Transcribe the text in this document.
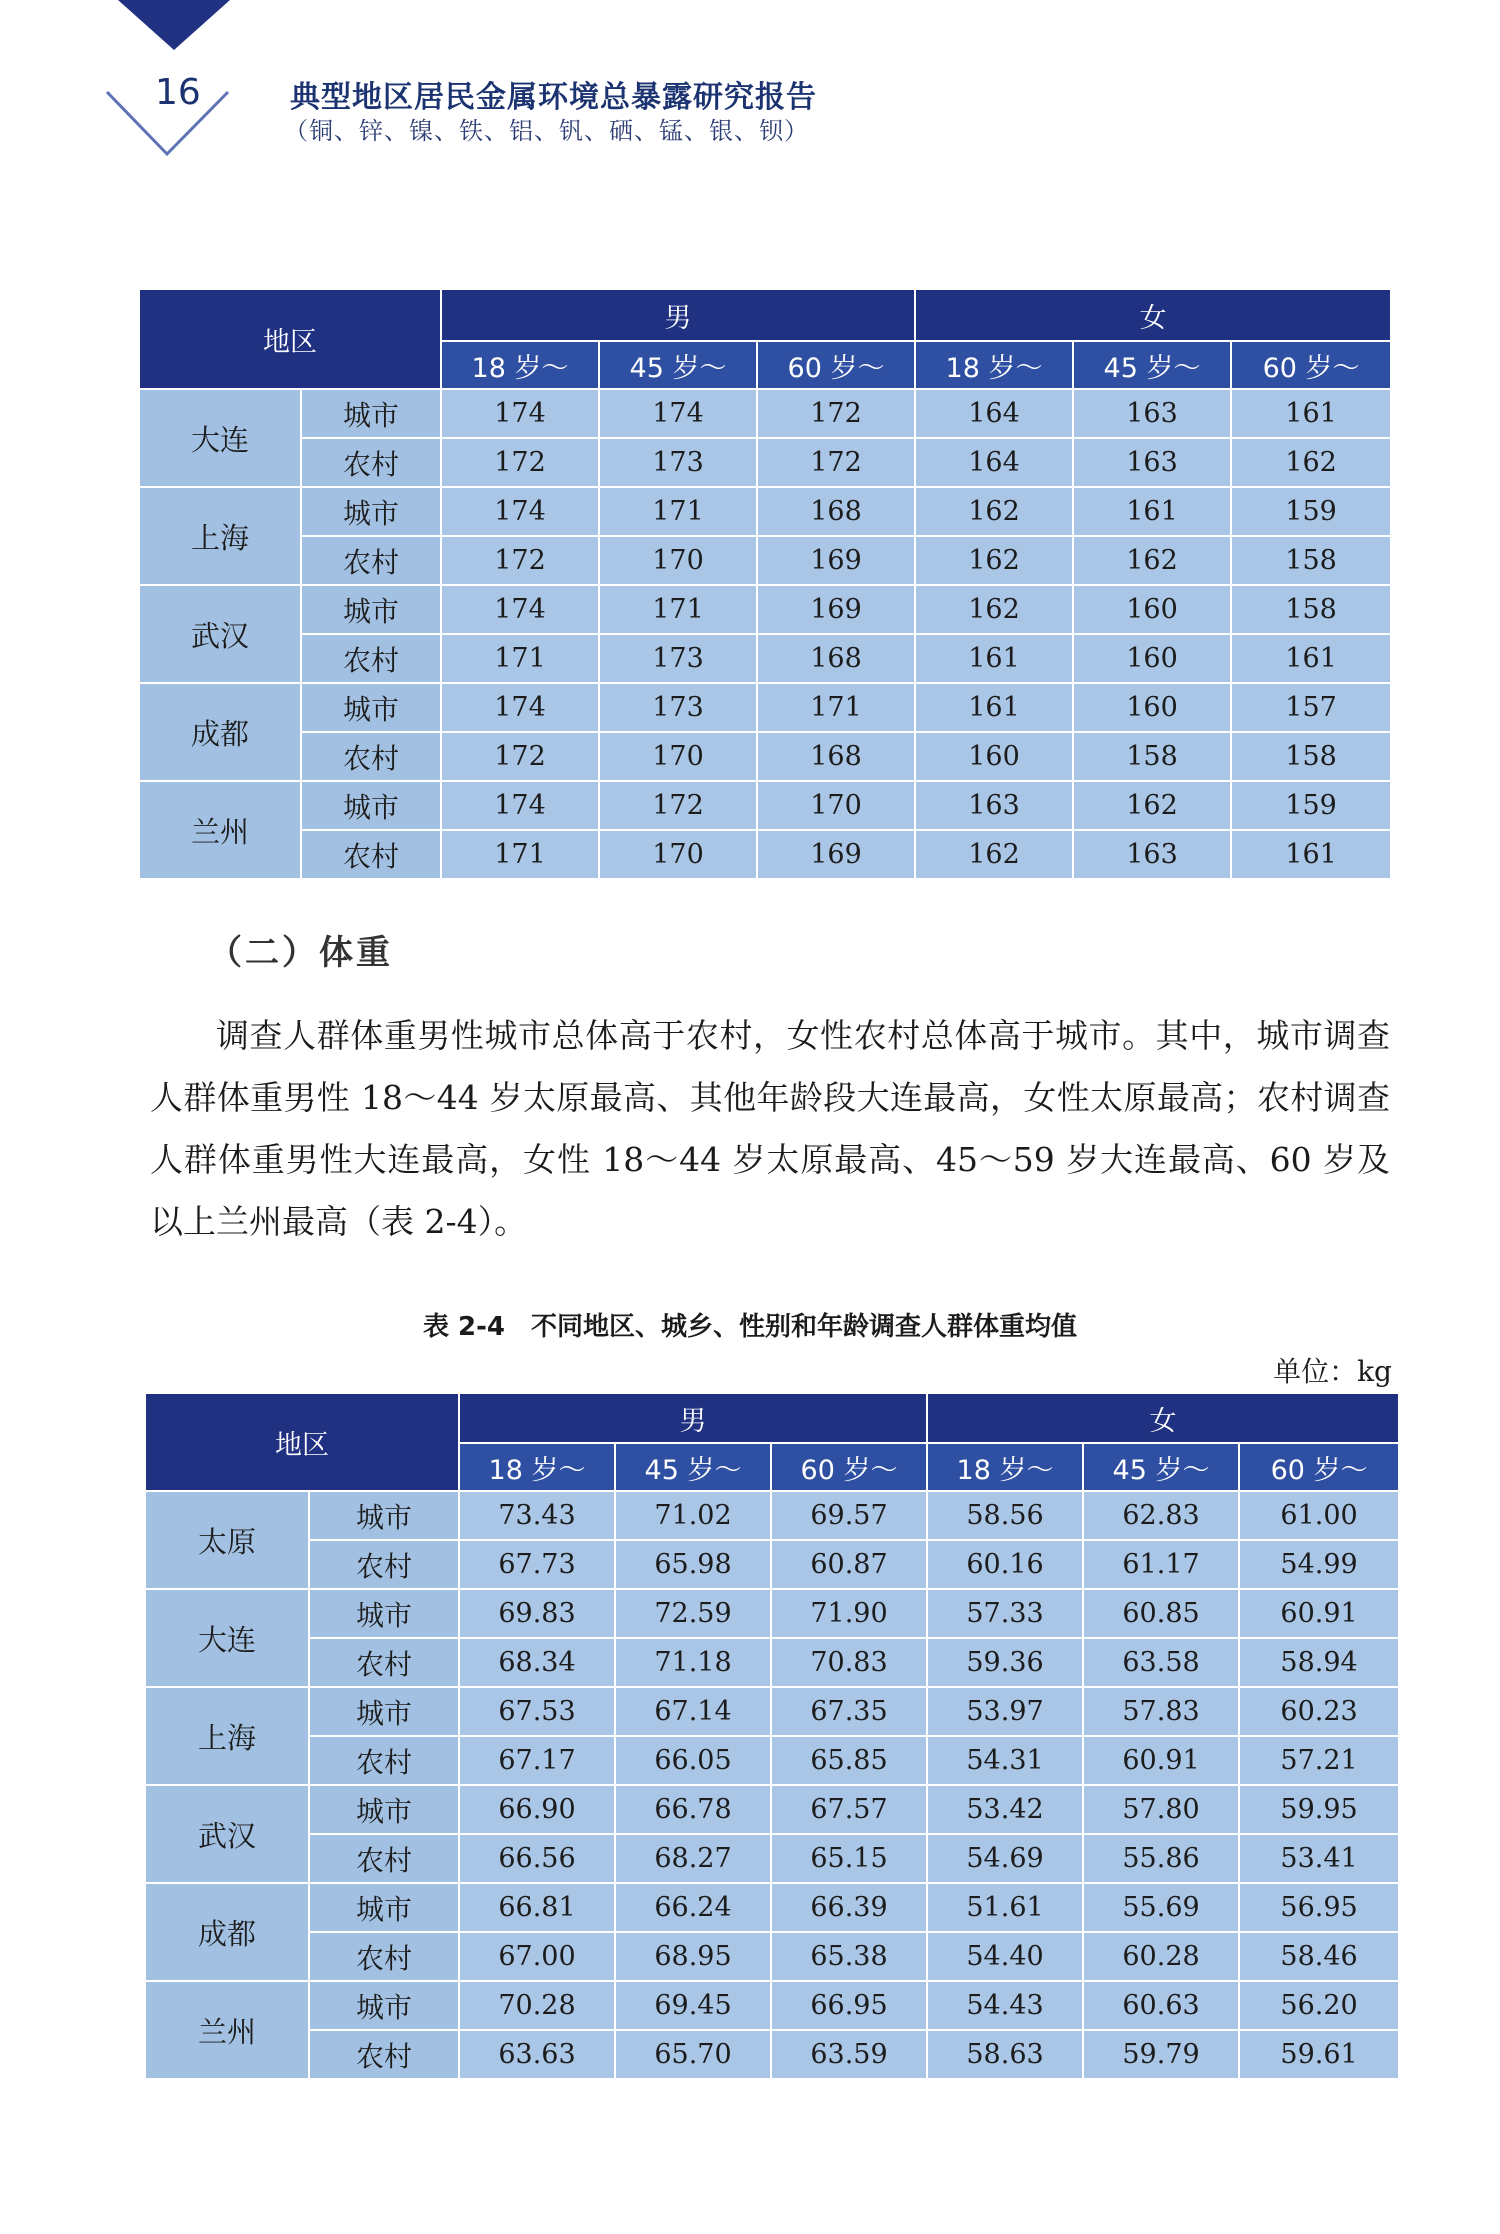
16	典型地区居民金属环境总暴露研究报告
（铜、锌、镍、铁、铝、钒、硒、锰、银、钡）
地区		男			女		
		18 岁～	45 岁～	60 岁～	18 岁～	45 岁～	60 岁～
大连	城市	174	174	172	164	163	161
	农村	172	173	172	164	163	162
上海	城市	174	171	168	162	161	159
	农村	172	170	169	162	162	158
武汉	城市	174	171	169	162	160	158
	农村	171	173	168	161	160	161
成都	城市	174	173	171	161	160	157
	农村	172	170	168	160	158	158
兰州	城市	174	172	170	163	162	159
	农村	171	170	169	162	163	161
（二）体重
调查人群体重男性城市总体高于农村，女性农村总体高于城市。其中，城市调查人群体重男性 18～44 岁太原最高、其他年龄段大连最高，女性太原最高；农村调查人群体重男性大连最高，女性 18～44 岁太原最高、45～59 岁大连最高、60 岁及以上兰州最高（表 2-4）。
表 2-4　不同地区、城乡、性别和年龄调查人群体重均值
单位：kg
地区		男			女		
		18 岁～	45 岁～	60 岁～	18 岁～	45 岁～	60 岁～
太原	城市	73.43	71.02	69.57	58.56	62.83	61.00
	农村	67.73	65.98	60.87	60.16	61.17	54.99
大连	城市	69.83	72.59	71.90	57.33	60.85	60.91
	农村	68.34	71.18	70.83	59.36	63.58	58.94
上海	城市	67.53	67.14	67.35	53.97	57.83	60.23
	农村	67.17	66.05	65.85	54.31	60.91	57.21
武汉	城市	66.90	66.78	67.57	53.42	57.80	59.95
	农村	66.56	68.27	65.15	54.69	55.86	53.41
成都	城市	66.81	66.24	66.39	51.61	55.69	56.95
	农村	67.00	68.95	65.38	54.40	60.28	58.46
兰州	城市	70.28	69.45	66.95	54.43	60.63	56.20
	农村	63.63	65.70	63.59	58.63	59.79	59.61
